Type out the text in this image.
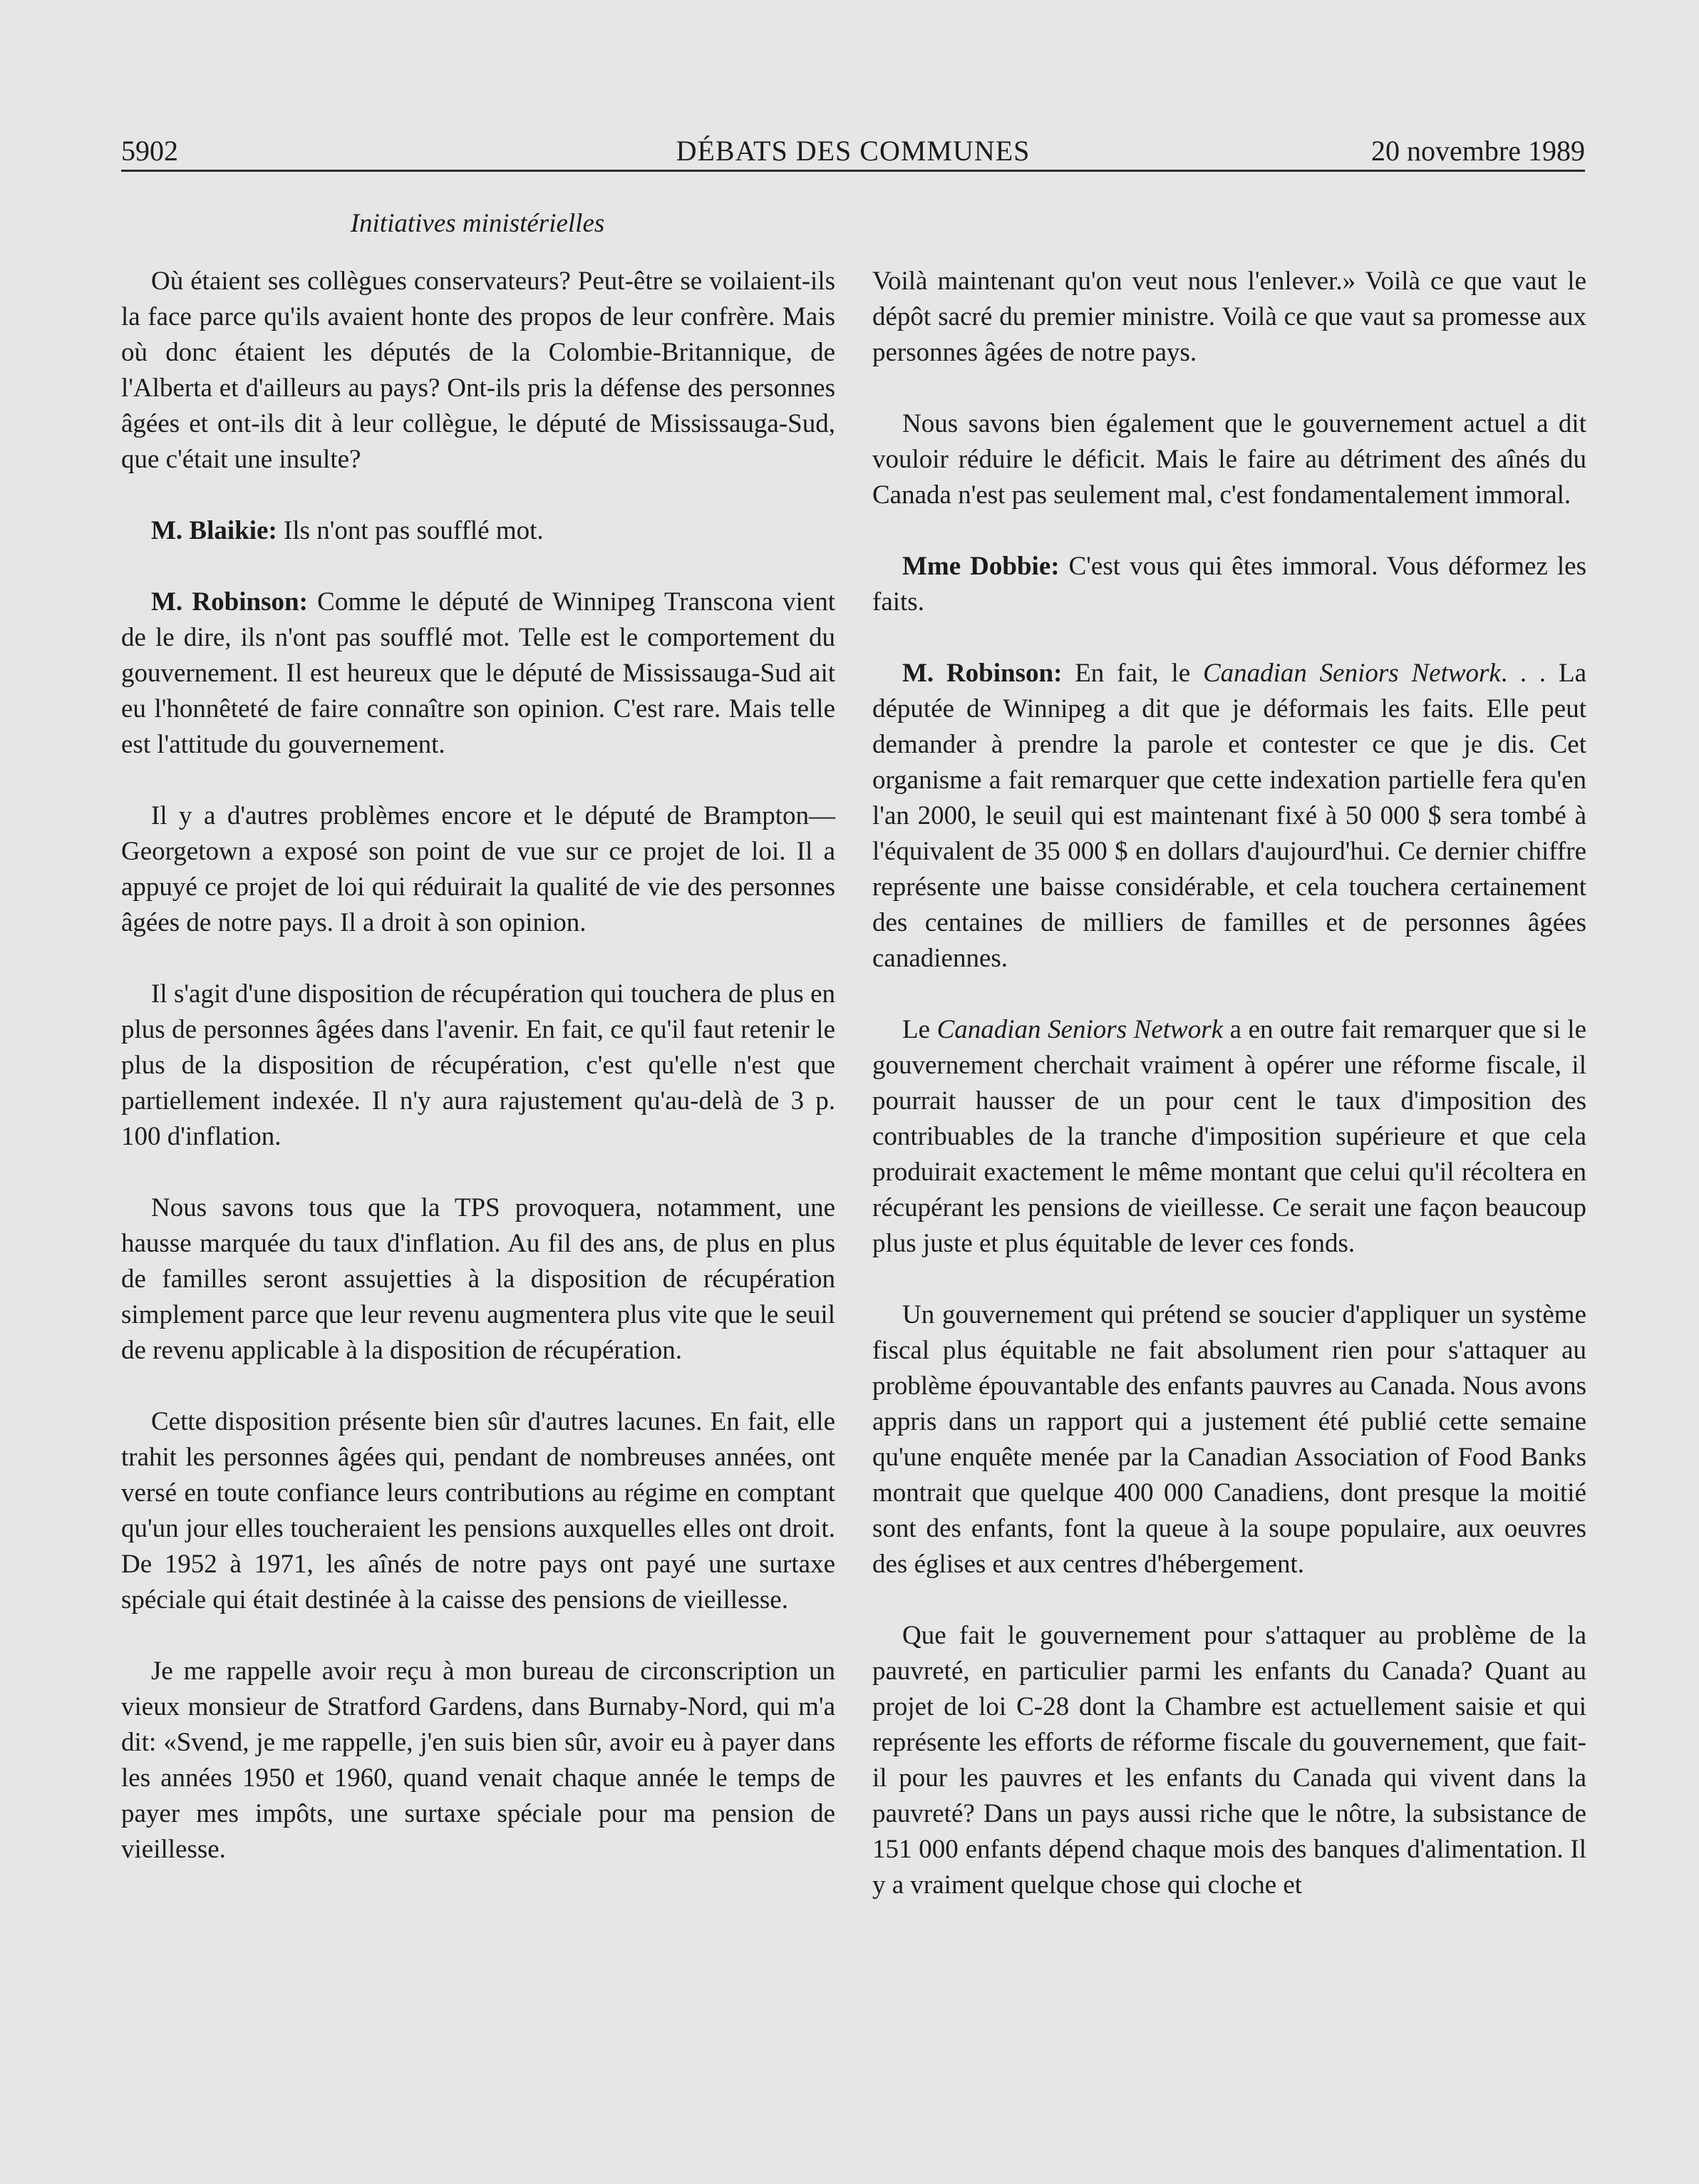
5902	DÉBATS DES COMMUNES	20 novembre 1989
Initiatives ministérielles

Où étaient ses collègues conservateurs? Peut-être se voilaient-ils la face parce qu'ils avaient honte des propos de leur confrère. Mais où donc étaient les députés de la Colombie-Britannique, de l'Alberta et d'ailleurs au pays? Ont-ils pris la défense des personnes âgées et ont-ils dit à leur collègue, le député de Mississauga-Sud, que c'était une insulte?

M. Blaikie: Ils n'ont pas soufflé mot.

M. Robinson: Comme le député de Winnipeg Transcona vient de le dire, ils n'ont pas soufflé mot. Telle est le comportement du gouvernement. Il est heureux que le député de Mississauga-Sud ait eu l'honnêteté de faire connaître son opinion. C'est rare. Mais telle est l'attitude du gouvernement.

Il y a d'autres problèmes encore et le député de Brampton—Georgetown a exposé son point de vue sur ce projet de loi. Il a appuyé ce projet de loi qui réduirait la qualité de vie des personnes âgées de notre pays. Il a droit à son opinion.

Il s'agit d'une disposition de récupération qui touchera de plus en plus de personnes âgées dans l'avenir. En fait, ce qu'il faut retenir le plus de la disposition de récupération, c'est qu'elle n'est que partiellement indexée. Il n'y aura rajustement qu'au-delà de 3 p. 100 d'inflation.

Nous savons tous que la TPS provoquera, notamment, une hausse marquée du taux d'inflation. Au fil des ans, de plus en plus de familles seront assujetties à la disposition de récupération simplement parce que leur revenu augmentera plus vite que le seuil de revenu applicable à la disposition de récupération.

Cette disposition présente bien sûr d'autres lacunes. En fait, elle trahit les personnes âgées qui, pendant de nombreuses années, ont versé en toute confiance leurs contributions au régime en comptant qu'un jour elles toucheraient les pensions auxquelles elles ont droit. De 1952 à 1971, les aînés de notre pays ont payé une surtaxe spéciale qui était destinée à la caisse des pensions de vieillesse.

Je me rappelle avoir reçu à mon bureau de circonscription un vieux monsieur de Stratford Gardens, dans Burnaby-Nord, qui m'a dit: «Svend, je me rappelle, j'en suis bien sûr, avoir eu à payer dans les années 1950 et 1960, quand venait chaque année le temps de payer mes impôts, une surtaxe spéciale pour ma pension de vieillesse.

Voilà maintenant qu'on veut nous l'enlever.» Voilà ce que vaut le dépôt sacré du premier ministre. Voilà ce que vaut sa promesse aux personnes âgées de notre pays.

Nous savons bien également que le gouvernement actuel a dit vouloir réduire le déficit. Mais le faire au détriment des aînés du Canada n'est pas seulement mal, c'est fondamentalement immoral.

Mme Dobbie: C'est vous qui êtes immoral. Vous déformez les faits.

M. Robinson: En fait, le Canadian Seniors Network. . . La députée de Winnipeg a dit que je déformais les faits. Elle peut demander à prendre la parole et contester ce que je dis. Cet organisme a fait remarquer que cette indexation partielle fera qu'en l'an 2000, le seuil qui est maintenant fixé à 50 000 $ sera tombé à l'équivalent de 35 000 $ en dollars d'aujourd'hui. Ce dernier chiffre représente une baisse considérable, et cela touchera certainement des centaines de milliers de familles et de personnes âgées canadiennes.

Le Canadian Seniors Network a en outre fait remarquer que si le gouvernement cherchait vraiment à opérer une réforme fiscale, il pourrait hausser de un pour cent le taux d'imposition des contribuables de la tranche d'imposition supérieure et que cela produirait exactement le même montant que celui qu'il récoltera en récupérant les pensions de vieillesse. Ce serait une façon beaucoup plus juste et plus équitable de lever ces fonds.

Un gouvernement qui prétend se soucier d'appliquer un système fiscal plus équitable ne fait absolument rien pour s'attaquer au problème épouvantable des enfants pauvres au Canada. Nous avons appris dans un rapport qui a justement été publié cette semaine qu'une enquête menée par la Canadian Association of Food Banks montrait que quelque 400 000 Canadiens, dont presque la moitié sont des enfants, font la queue à la soupe populaire, aux oeuvres des églises et aux centres d'hébergement.

Que fait le gouvernement pour s'attaquer au problème de la pauvreté, en particulier parmi les enfants du Canada? Quant au projet de loi C-28 dont la Chambre est actuellement saisie et qui représente les efforts de réforme fiscale du gouvernement, que fait-il pour les pauvres et les enfants du Canada qui vivent dans la pauvreté? Dans un pays aussi riche que le nôtre, la subsistance de 151 000 enfants dépend chaque mois des banques d'alimentation. Il y a vraiment quelque chose qui cloche et
